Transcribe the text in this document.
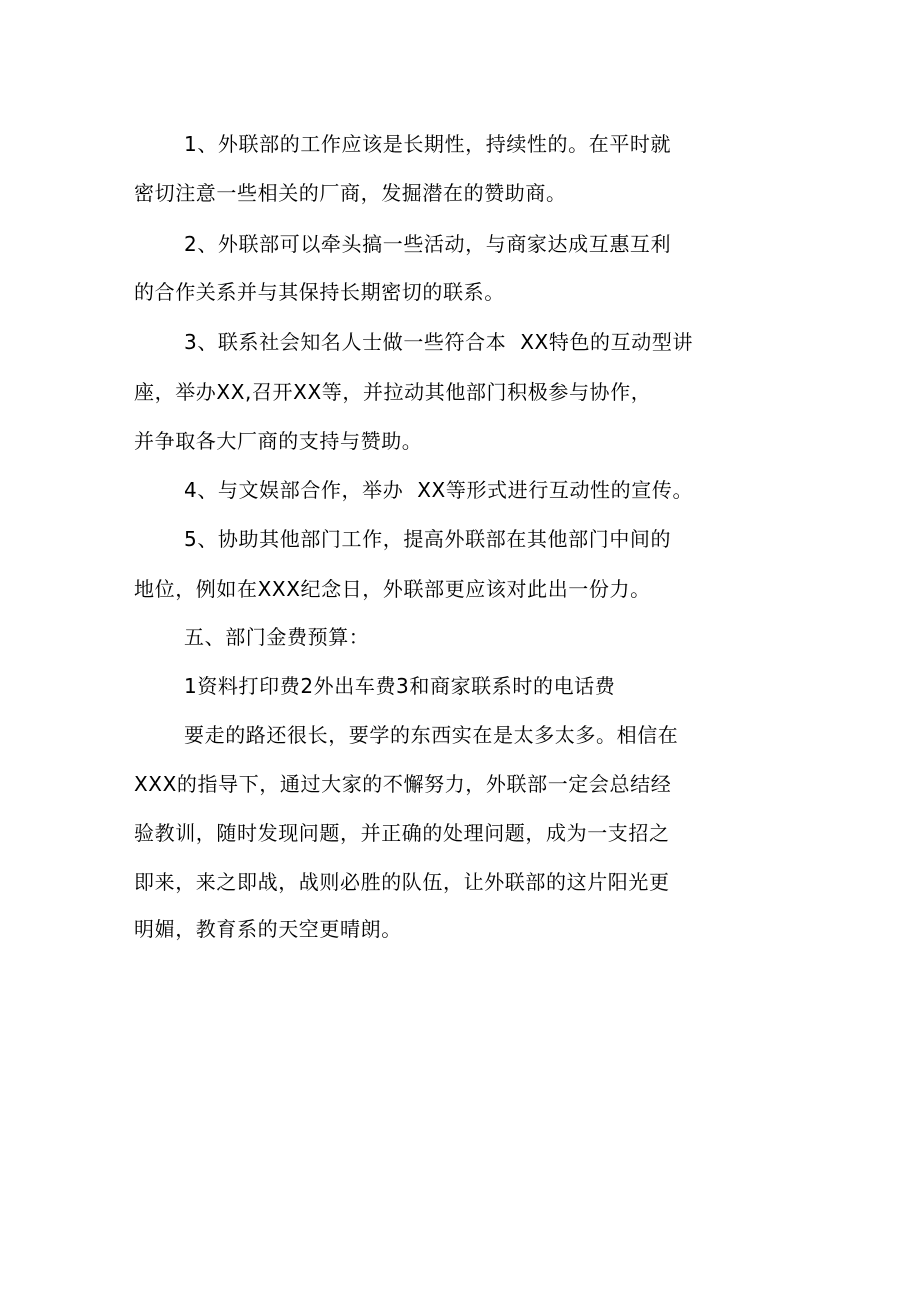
1、外联部的工作应该是长期性，持续性的。在平时就
密切注意一些相关的厂商，发掘潜在的赞助商。
2、外联部可以牵头搞一些活动，与商家达成互惠互利
的合作关系并与其保持长期密切的联系。
3、联系社会知名人士做一些符合本  XX特色的互动型讲
座，举办XX,召开XX等，并拉动其他部门积极参与协作，
并争取各大厂商的支持与赞助。
4、与文娱部合作，举办  XX等形式进行互动性的宣传。
5、协助其他部门工作，提高外联部在其他部门中间的
地位，例如在XXX纪念日，外联部更应该对此出一份力。
五、部门金费预算：
1资料打印费2外出车费3和商家联系时的电话费
要走的路还很长，要学的东西实在是太多太多。相信在
XXX的指导下，通过大家的不懈努力，外联部一定会总结经
验教训，随时发现问题，并正确的处理问题，成为一支招之
即来，来之即战，战则必胜的队伍，让外联部的这片阳光更
明媚，教育系的天空更晴朗。
